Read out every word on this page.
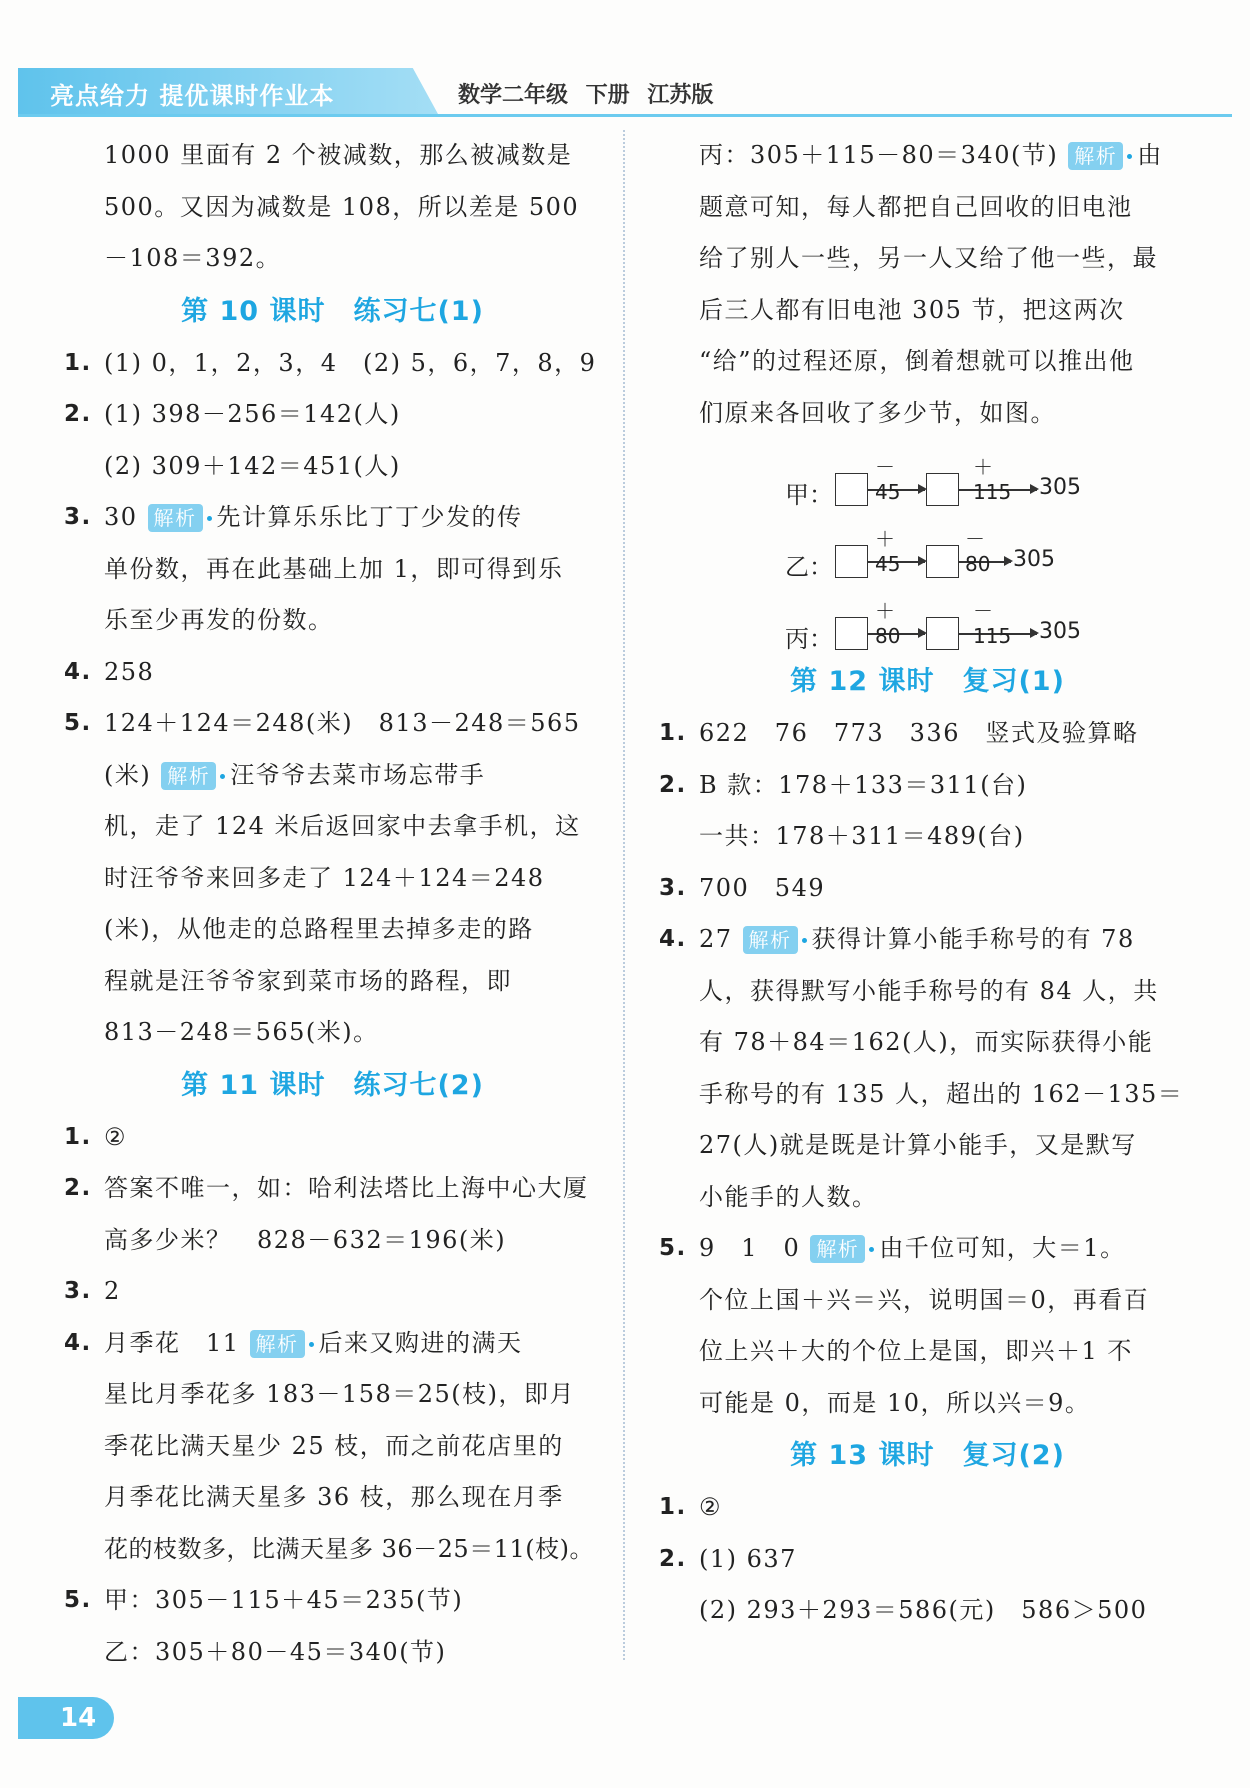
亮点给力 提优课时作业本	数学二年级 下册 江苏版
1000 里面有 2 个被减数，那么被减数是
500。又因为减数是 108，所以差是 500
－108＝392。
第 10 课时　练习七(1)
1. (1) 0，1，2，3，4　(2) 5，6，7，8，9
2. (1) 398－256＝142(人)
(2) 309＋142＝451(人)
3. 30 解析 先计算乐乐比丁丁少发的传
单份数，再在此基础上加 1，即可得到乐
乐至少再发的份数。
4. 258
5. 124＋124＝248(米)　813－248＝565
(米) 解析 汪爷爷去菜市场忘带手
机，走了 124 米后返回家中去拿手机，这
时汪爷爷来回多走了 124＋124＝248
(米)，从他走的总路程里去掉多走的路
程就是汪爷爷家到菜市场的路程，即
813－248＝565(米)。
第 11 课时　练习七(2)
1. ②
2. 答案不唯一，如：哈利法塔比上海中心大厦
高多少米？　828－632＝196(米)
3. 2
4. 月季花　11 解析 后来又购进的满天
星比月季花多 183－158＝25(枝)，即月
季花比满天星少 25 枝，而之前花店里的
月季花比满天星多 36 枝，那么现在月季
花的枝数多，比满天星多 36－25＝11(枝)。
5. 甲：305－115＋45＝235(节)
乙：305＋80－45＝340(节)
丙：305＋115－80＝340(节) 解析 由
题意可知，每人都把自己回收的旧电池
给了别人一些，另一人又给了他一些，最
后三人都有旧电池 305 节，把这两次
“给”的过程还原，倒着想就可以推出他
们原来各回收了多少节，如图。
甲：
－45
＋115 305
乙：
＋45
－80 305
丙：
＋80
－115 305
第 12 课时　复习(1)
1. 622　76　773　336　竖式及验算略
2. B 款：178＋133＝311(台)
一共：178＋311＝489(台)
3. 700　549
4. 27 解析 获得计算小能手称号的有 78
人，获得默写小能手称号的有 84 人，共
有 78＋84＝162(人)，而实际获得小能
手称号的有 135 人，超出的 162－135＝
27(人)就是既是计算小能手，又是默写
小能手的人数。
5. 9　1　0 解析 由千位可知，大＝1。
个位上国＋兴＝兴，说明国＝0，再看百
位上兴＋大的个位上是国，即兴＋1 不
可能是 0，而是 10，所以兴＝9。
第 13 课时　复习(2)
1. ②
2. (1) 637
(2) 293＋293＝586(元)　586＞500
14
